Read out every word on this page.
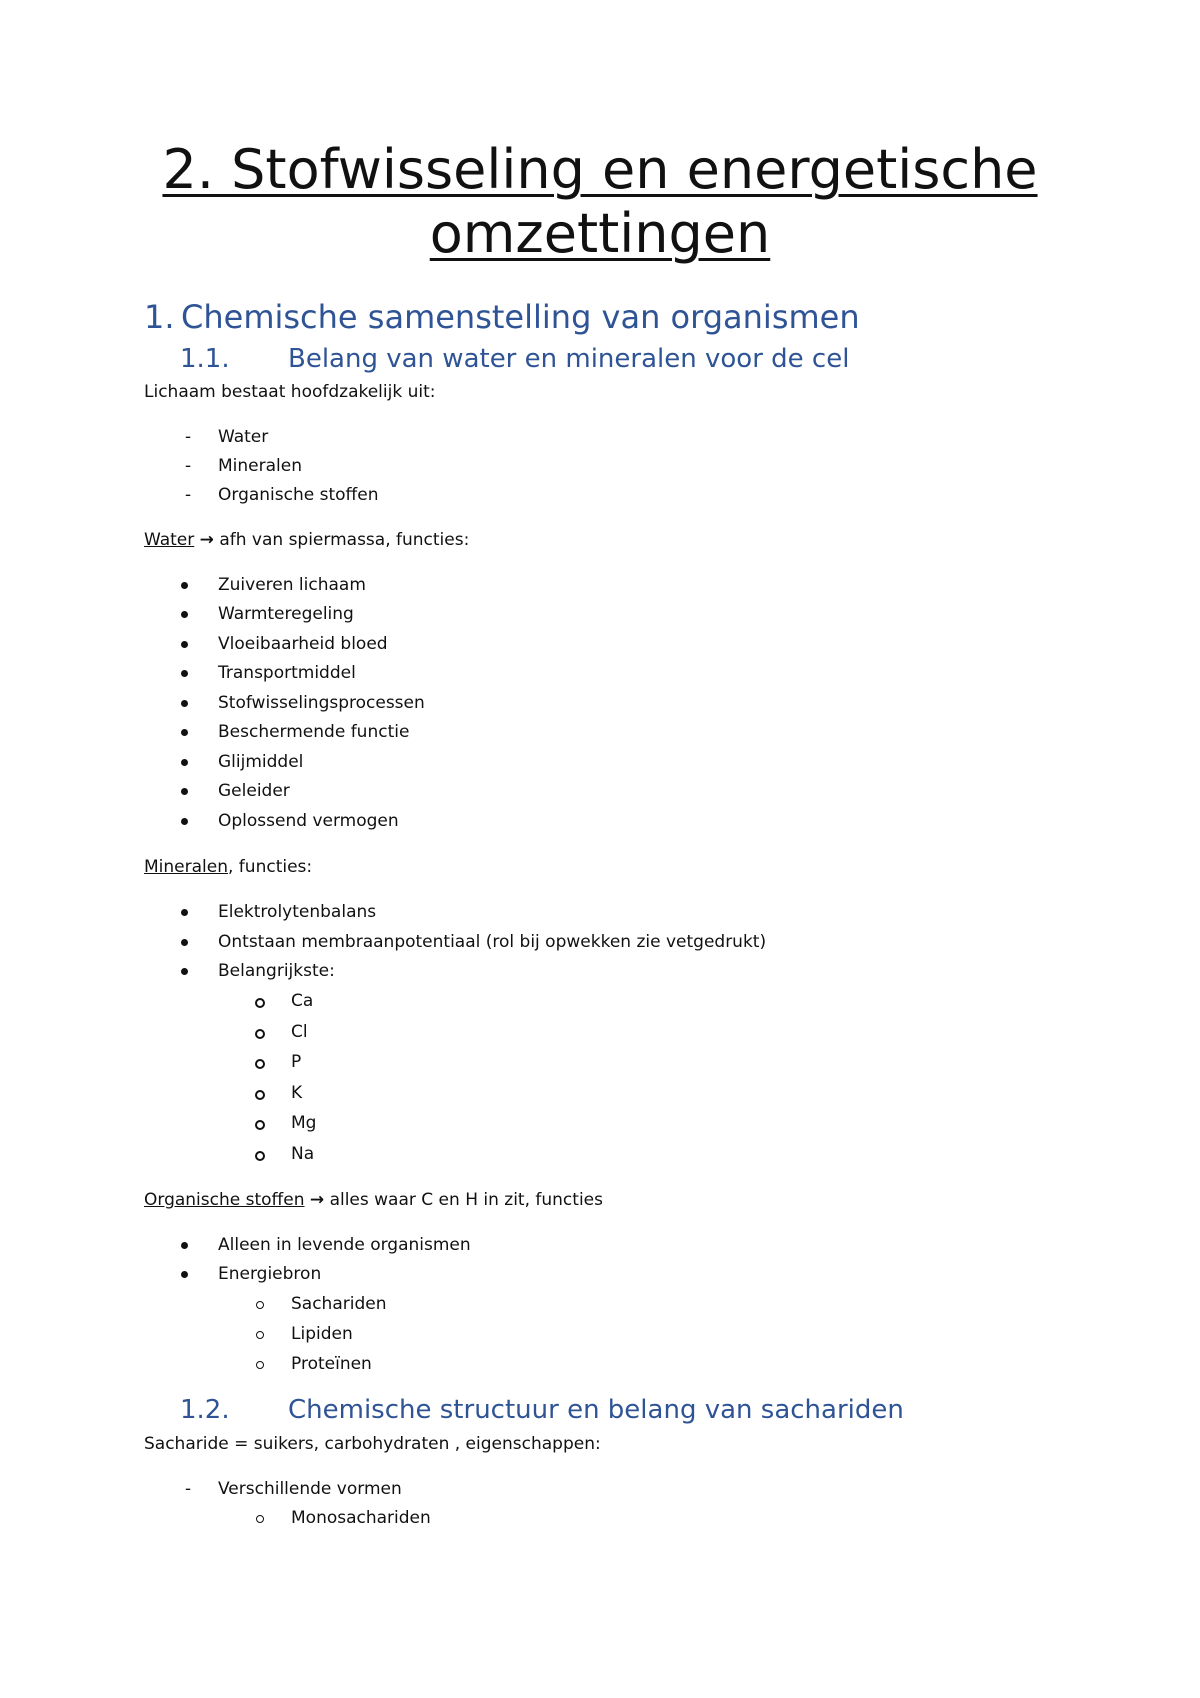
2. Stofwisseling en energetische omzettingen
1. Chemische samenstelling van organismen
1.1. Belang van water en mineralen voor de cel

Lichaam bestaat hoofdzakelijk uit:

- Water

- Mineralen

- Organische stoffen

Water → afh van spiermassa, functies:

Zuiveren lichaam

Warmteregeling

Vloeibaarheid bloed

Transportmiddel

Stofwisselingsprocessen

Beschermende functie

Glijmiddel

Geleider

Oplossend vermogen

Mineralen, functies:

Elektrolytenbalans

Ontstaan membraanpotentiaal (rol bij opwekken zie vetgedrukt)

Belangrijkste:

Ca

Cl

P

K

Mg

Na

Organische stoffen → alles waar C en H in zit, functies

Alleen in levende organismen

Energiebron

Sachariden

Lipiden

Proteïnen

1.2. Chemische structuur en belang van sachariden

Sacharide = suikers, carbohydraten , eigenschappen:

- Verschillende vormen

Monosachariden
